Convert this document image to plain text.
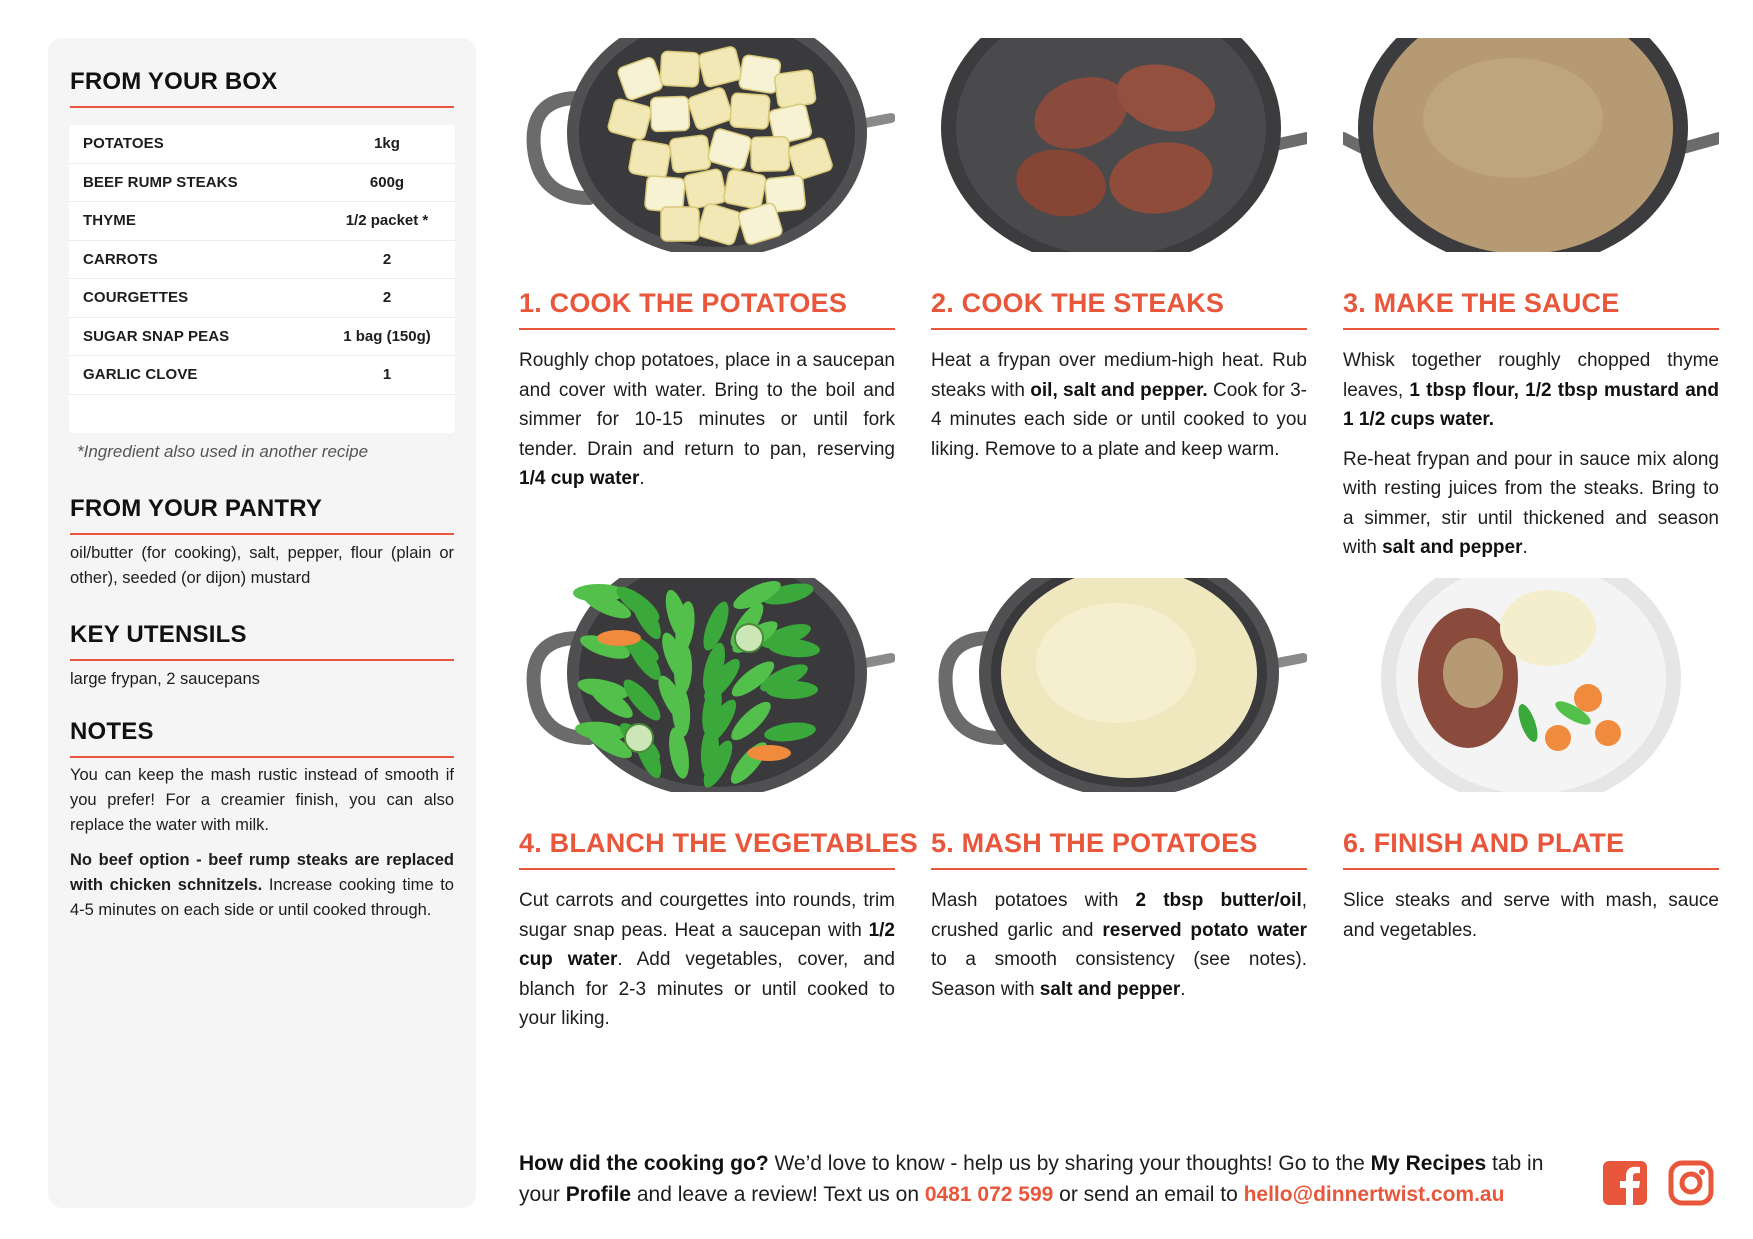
FROM YOUR BOX
POTATOES	1kg
BEEF RUMP STEAKS	600g
THYME	1/2 packet *
CARROTS	2
COURGETTES	2
SUGAR SNAP PEAS	1 bag (150g)
GARLIC CLOVE	1
*Ingredient also used in another recipe
FROM YOUR PANTRY
oil/butter (for cooking), salt, pepper, flour (plain or other), seeded (or dijon) mustard
KEY UTENSILS
large frypan, 2 saucepans
NOTES
You can keep the mash rustic instead of smooth if you prefer! For a creamier finish, you can also replace the water with milk.
No beef option - beef rump steaks are replaced with chicken schnitzels. Increase cooking time to 4-5 minutes on each side or until cooked through.
1. COOK THE POTATOES

Roughly chop potatoes, place in a saucepan and cover with water. Bring to the boil and simmer for 10-15 minutes or until fork tender. Drain and return to pan, reserving 1/4 cup water.

2. COOK THE STEAKS

Heat a frypan over medium-high heat. Rub steaks with oil, salt and pepper. Cook for 3-4 minutes each side or until cooked to you liking. Remove to a plate and keep warm.

3. MAKE THE SAUCE

Whisk together roughly chopped thyme leaves, 1 tbsp flour, 1/2 tbsp mustard and 1 1/2 cups water.

Re-heat frypan and pour in sauce mix along with resting juices from the steaks. Bring to a simmer, stir until thickened and season with salt and pepper.

4. BLANCH THE VEGETABLES

Cut carrots and courgettes into rounds, trim sugar snap peas. Heat a saucepan with 1/2 cup water. Add vegetables, cover, and blanch for 2-3 minutes or until cooked to your liking.

5. MASH THE POTATOES

Mash potatoes with 2 tbsp butter/oil, crushed garlic and reserved potato water to a smooth consistency (see notes). Season with salt and pepper.

6. FINISH AND PLATE

Slice steaks and serve with mash, sauce and vegetables.

How did the cooking go? We’d love to know - help us by sharing your thoughts! Go to the My Recipes tab in your Profile and leave a review! Text us on 0481 072 599 or send an email to hello@dinnertwist.com.au
